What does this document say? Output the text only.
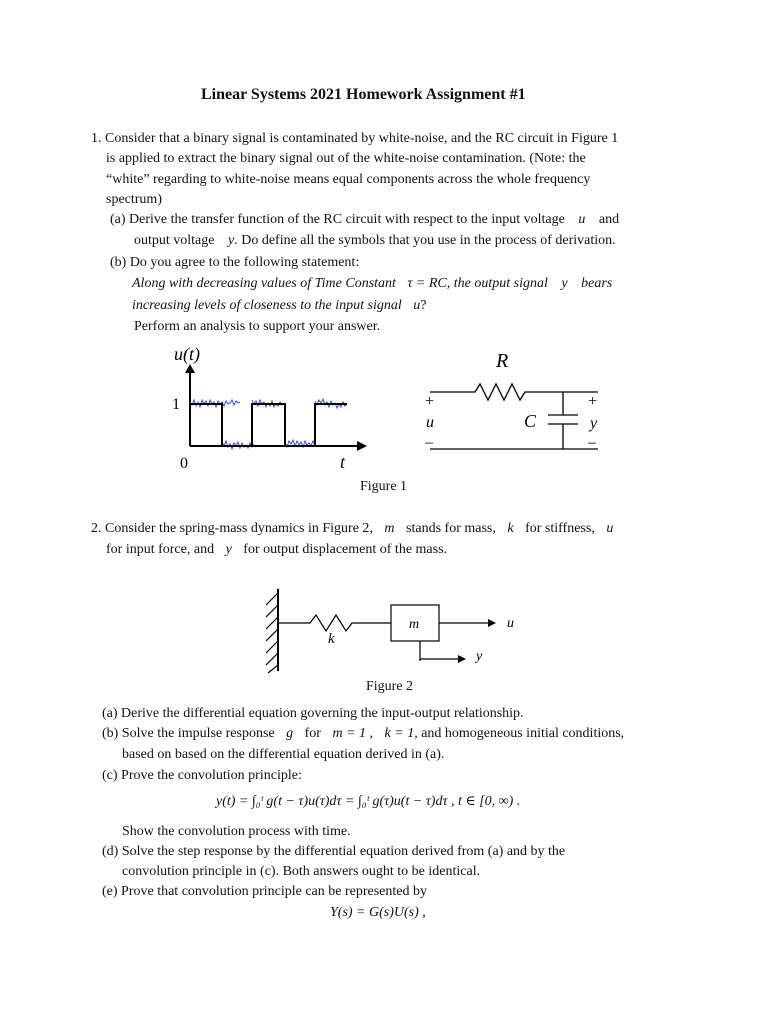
Linear Systems 2021 Homework Assignment #1
1. Consider that a binary signal is contaminated by white-noise, and the RC circuit in Figure 1
is applied to extract the binary signal out of the white-noise contamination. (Note: the
“white” regarding to white-noise means equal components across the whole frequency
spectrum)
(a) Derive the transfer function of the RC circuit with respect to the input voltage u and
output voltage y. Do define all the symbols that you use in the process of derivation.
(b) Do you agree to the following statement:
Along with decreasing values of Time Constant τ = RC, the output signal y bears
increasing levels of closeness to the input signal u?
Perform an analysis to support your answer.
u(t)
1
0	t
R
C
+
u
–
+
y
–
Figure 1
2. Consider the spring-mass dynamics in Figure 2, m stands for mass, k for stiffness, u
for input force, and y for output displacement of the mass.
k
m	u
y
Figure 2
(a) Derive the differential equation governing the input-output relationship.
(b) Solve the impulse response g for m = 1 , k = 1, and homogeneous initial conditions,
based on based on the differential equation derived in (a).
(c) Prove the convolution principle:
y(t) = ∫₀ᵗ g(t − τ)u(τ)dτ = ∫₀ᵗ g(τ)u(t − τ)dτ , t ∈ [0, ∞) .
Show the convolution process with time.
(d) Solve the step response by the differential equation derived from (a) and by the
convolution principle in (c). Both answers ought to be identical.
(e) Prove that convolution principle can be represented by
Y(s) = G(s)U(s) ,
